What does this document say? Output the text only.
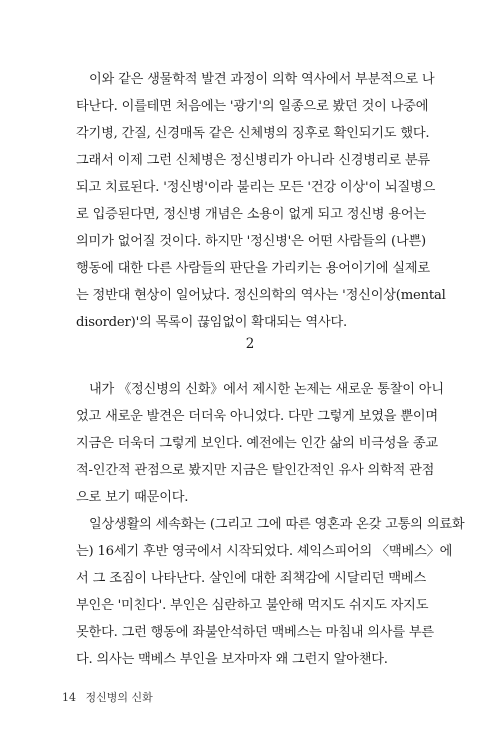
이와 같은 생물학적 발견 과정이 의학 역사에서 부분적으로 나
타난다. 이를테면 처음에는 '광기'의 일종으로 봤던 것이 나중에
각기병, 간질, 신경매독 같은 신체병의 징후로 확인되기도 했다.
그래서 이제 그런 신체병은 정신병리가 아니라 신경병리로 분류
되고 치료된다. '정신병'이라 불리는 모든 '건강 이상'이 뇌질병으
로 입증된다면, 정신병 개념은 소용이 없게 되고 정신병 용어는
의미가 없어질 것이다. 하지만 '정신병'은 어떤 사람들의 (나쁜)
행동에 대한 다른 사람들의 판단을 가리키는 용어이기에 실제로
는 정반대 현상이 일어났다. 정신의학의 역사는 '정신이상(mental
disorder)'의 목록이 끊임없이 확대되는 역사다.
2
내가 《정신병의 신화》에서 제시한 논제는 새로운 통찰이 아니
었고 새로운 발견은 더더욱 아니었다. 다만 그렇게 보였을 뿐이며
지금은 더욱더 그렇게 보인다. 예전에는 인간 삶의 비극성을 종교
적-인간적 관점으로 봤지만 지금은 탈인간적인 유사 의학적 관점
으로 보기 때문이다.
일상생활의 세속화는 (그리고 그에 따른 영혼과 온갖 고통의 의료화
는) 16세기 후반 영국에서 시작되었다. 셰익스피어의 〈맥베스〉에
서 그 조짐이 나타난다. 살인에 대한 죄책감에 시달리던 맥베스
부인은 '미친다'. 부인은 심란하고 불안해 먹지도 쉬지도 자지도
못한다. 그런 행동에 좌불안석하던 맥베스는 마침내 의사를 부른
다. 의사는 맥베스 부인을 보자마자 왜 그런지 알아챈다.
14 정신병의 신화
